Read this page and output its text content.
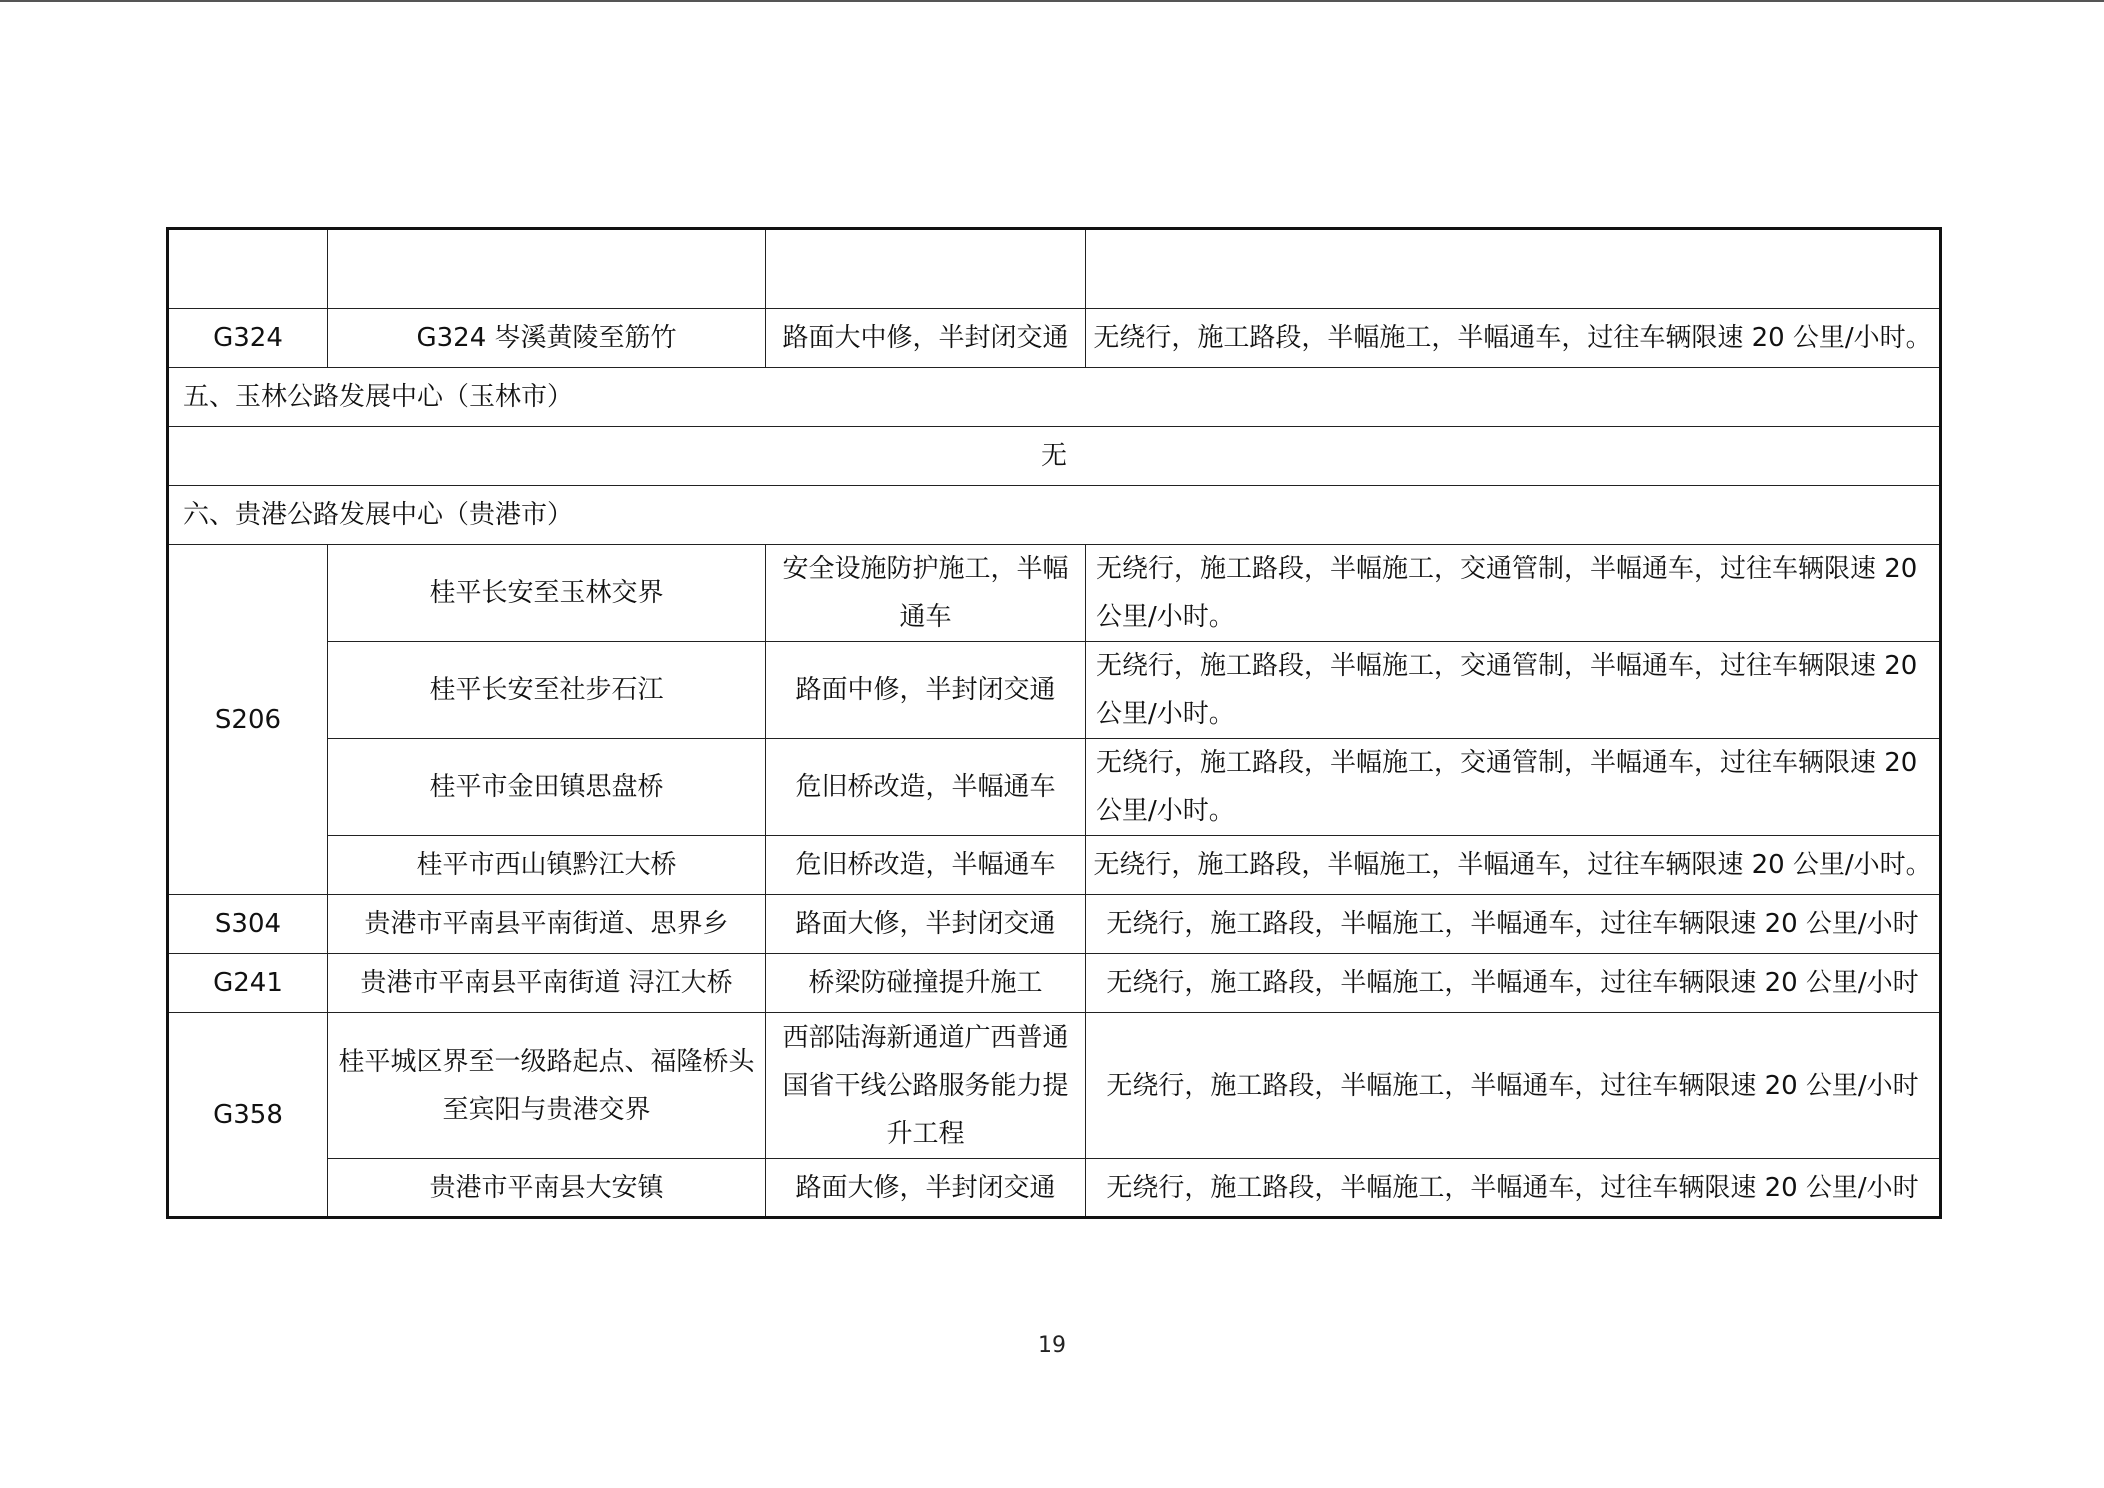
G324	G324 岑溪黄陵至筋竹	路面大中修，半封闭交通	无绕行，施工路段，半幅施工，半幅通车，过往车辆限速 20 公里/小时。
五、玉林公路发展中心（玉林市）			
无			
六、贵港公路发展中心（贵港市）			
S206	桂平长安至玉林交界	安全设施防护施工，半幅通车	无绕行，施工路段，半幅施工，交通管制，半幅通车，过往车辆限速 20 公里/小时。
	桂平长安至社步石江	路面中修，半封闭交通	无绕行，施工路段，半幅施工，交通管制，半幅通车，过往车辆限速 20 公里/小时。
	桂平市金田镇思盘桥	危旧桥改造，半幅通车	无绕行，施工路段，半幅施工，交通管制，半幅通车，过往车辆限速 20 公里/小时。
	桂平市西山镇黔江大桥	危旧桥改造，半幅通车	无绕行，施工路段，半幅施工，半幅通车，过往车辆限速 20 公里/小时。
S304	贵港市平南县平南街道、思界乡	路面大修，半封闭交通	无绕行，施工路段，半幅施工，半幅通车，过往车辆限速 20 公里/小时
G241	贵港市平南县平南街道 浔江大桥	桥梁防碰撞提升施工	无绕行，施工路段，半幅施工，半幅通车，过往车辆限速 20 公里/小时
G358	桂平城区界至一级路起点、福隆桥头至宾阳与贵港交界	西部陆海新通道广西普通国省干线公路服务能力提升工程	无绕行，施工路段，半幅施工，半幅通车，过往车辆限速 20 公里/小时
	贵港市平南县大安镇	路面大修，半封闭交通	无绕行，施工路段，半幅施工，半幅通车，过往车辆限速 20 公里/小时
19
